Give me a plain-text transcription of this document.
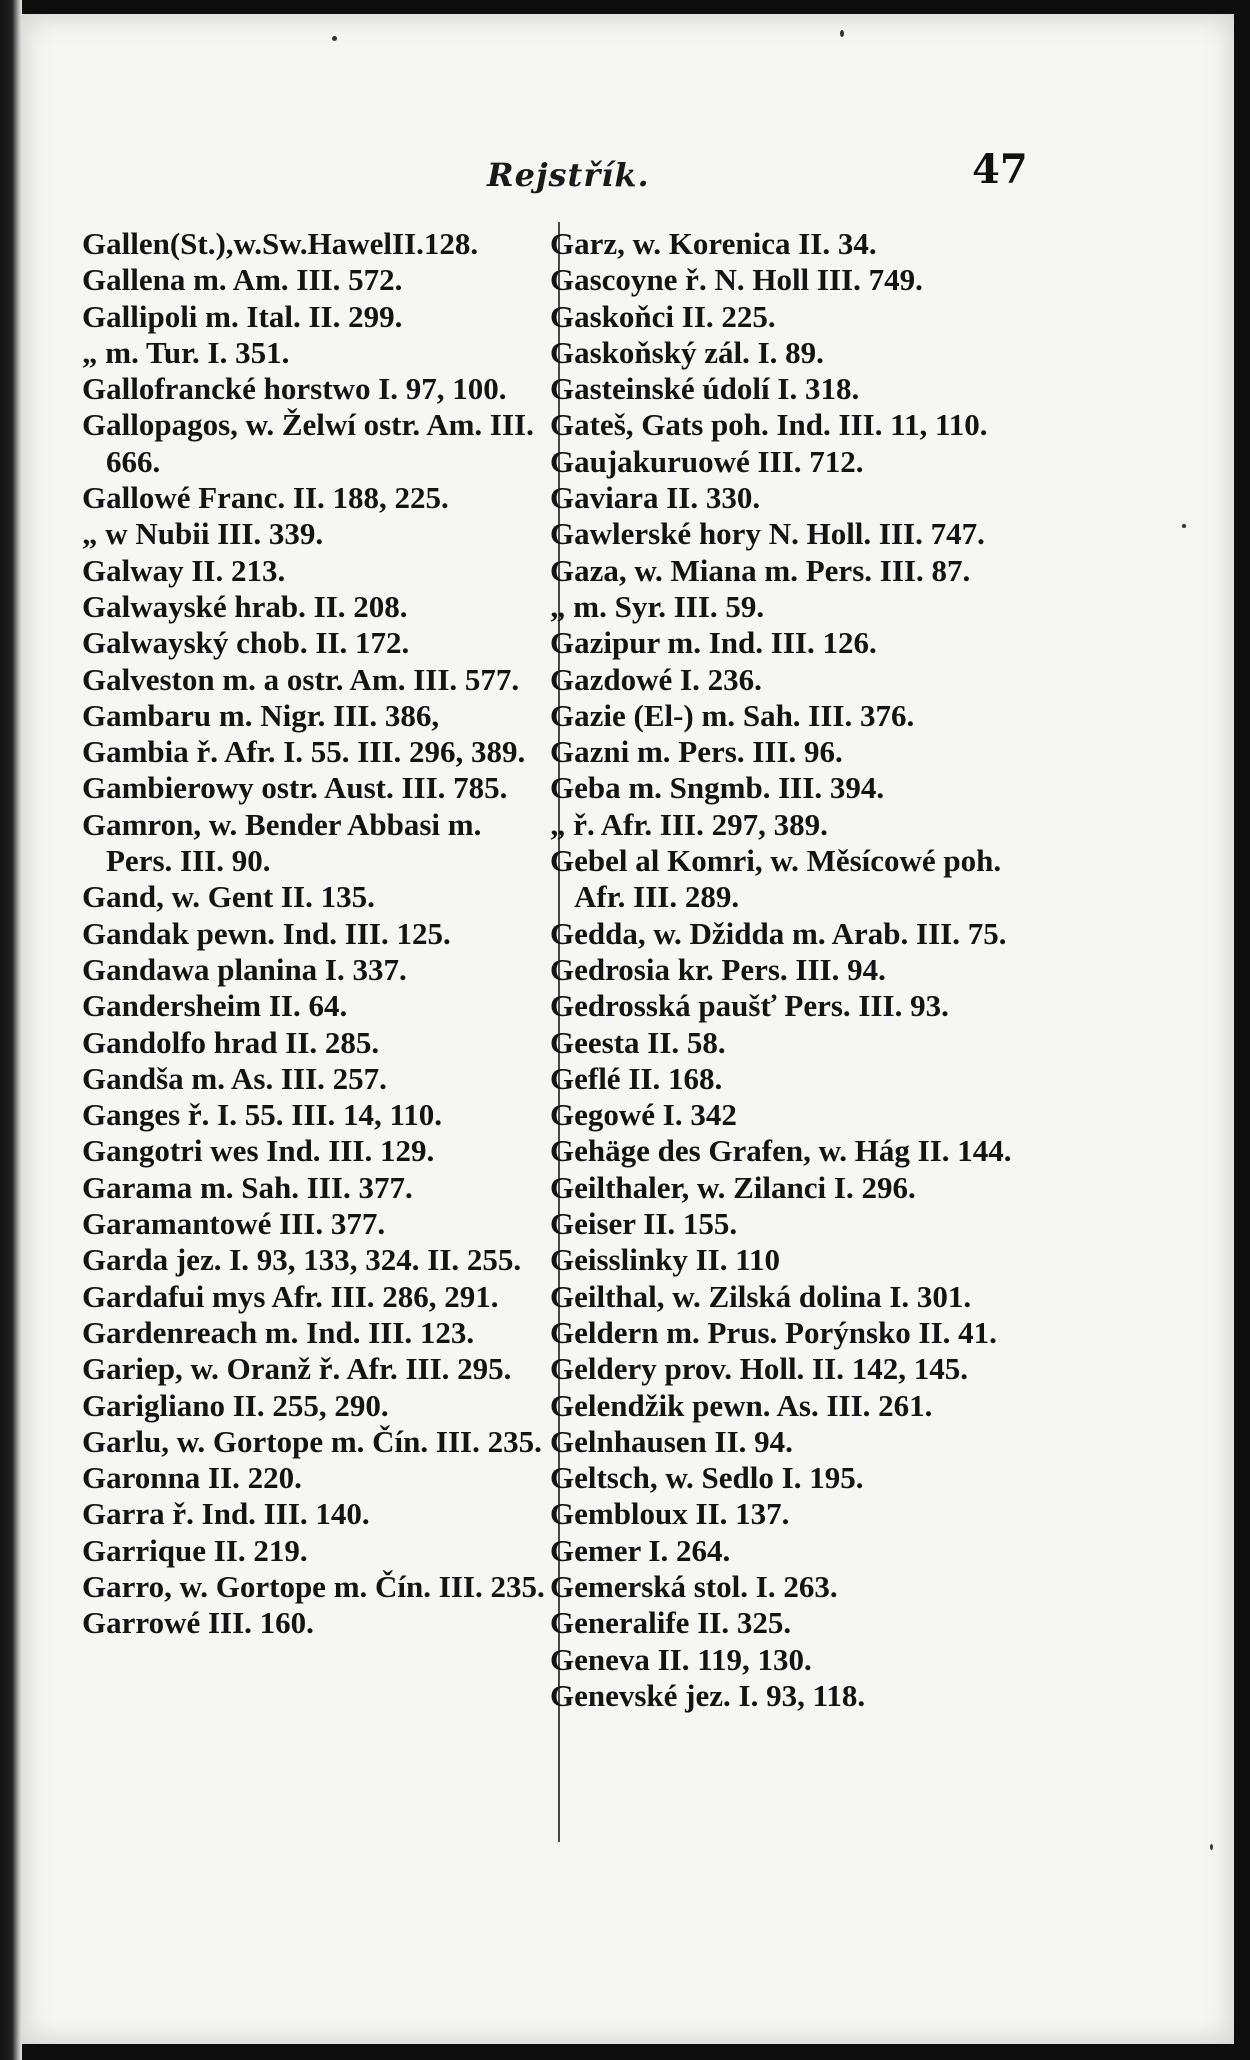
Rejstřík.	47
Gallen(St.),w.Sw.HawelII.128.
Gallena m. Am. III. 572.
Gallipoli m. Ital. II. 299.
„ m. Tur. I. 351.
Gallofrancké horstwo I. 97, 100.
Gallopagos, w. Želwí ostr. Am. III. 666.
Gallowé Franc. II. 188, 225.
„ w Nubii III. 339.
Galway II. 213.
Galwayské hrab. II. 208.
Galwayský chob. II. 172.
Galveston m. a ostr. Am. III. 577.
Gambaru m. Nigr. III. 386,
Gambia ř. Afr. I. 55. III. 296, 389.
Gambierowy ostr. Aust. III. 785.
Gamron, w. Bender Abbasi m. Pers. III. 90.
Gand, w. Gent II. 135.
Gandak pewn. Ind. III. 125.
Gandawa planina I. 337.
Gandersheim II. 64.
Gandolfo hrad II. 285.
Gandša m. As. III. 257.
Ganges ř. I. 55. III. 14, 110.
Gangotri wes Ind. III. 129.
Garama m. Sah. III. 377.
Garamantowé III. 377.
Garda jez. I. 93, 133, 324. II. 255.
Gardafui mys Afr. III. 286, 291.
Gardenreach m. Ind. III. 123.
Gariep, w. Oranž ř. Afr. III. 295.
Garigliano II. 255, 290.
Garlu, w. Gortope m. Čín. III. 235.
Garonna II. 220.
Garra ř. Ind. III. 140.
Garrique II. 219.
Garro, w. Gortope m. Čín. III. 235.
Garrowé III. 160.
Garz, w. Korenica II. 34.
Gascoyne ř. N. Holl III. 749.
Gaskoňci II. 225.
Gaskoňský zál. I. 89.
Gasteinské údolí I. 318.
Gateš, Gats poh. Ind. III. 11, 110.
Gaujakuruowé III. 712.
Gaviara II. 330.
Gawlerské hory N. Holl. III. 747.
Gaza, w. Miana m. Pers. III. 87.
„ m. Syr. III. 59.
Gazipur m. Ind. III. 126.
Gazdowé I. 236.
Gazie (El-) m. Sah. III. 376.
Gazni m. Pers. III. 96.
Geba m. Sngmb. III. 394.
„ ř. Afr. III. 297, 389.
Gebel al Komri, w. Měsícowé poh. Afr. III. 289.
Gedda, w. Džidda m. Arab. III. 75.
Gedrosia kr. Pers. III. 94.
Gedrosská paušť Pers. III. 93.
Geesta II. 58.
Geflé II. 168.
Gegowé I. 342
Gehäge des Grafen, w. Hág II. 144.
Geilthaler, w. Zilanci I. 296.
Geiser II. 155.
Geisslinky II. 110
Geilthal, w. Zilská dolina I. 301.
Geldern m. Prus. Porýnsko II. 41.
Geldery prov. Holl. II. 142, 145.
Gelendžik pewn. As. III. 261.
Gelnhausen II. 94.
Geltsch, w. Sedlo I. 195.
Gembloux II. 137.
Gemer I. 264.
Gemerská stol. I. 263.
Generalife II. 325.
Geneva II. 119, 130.
Genevské jez. I. 93, 118.
